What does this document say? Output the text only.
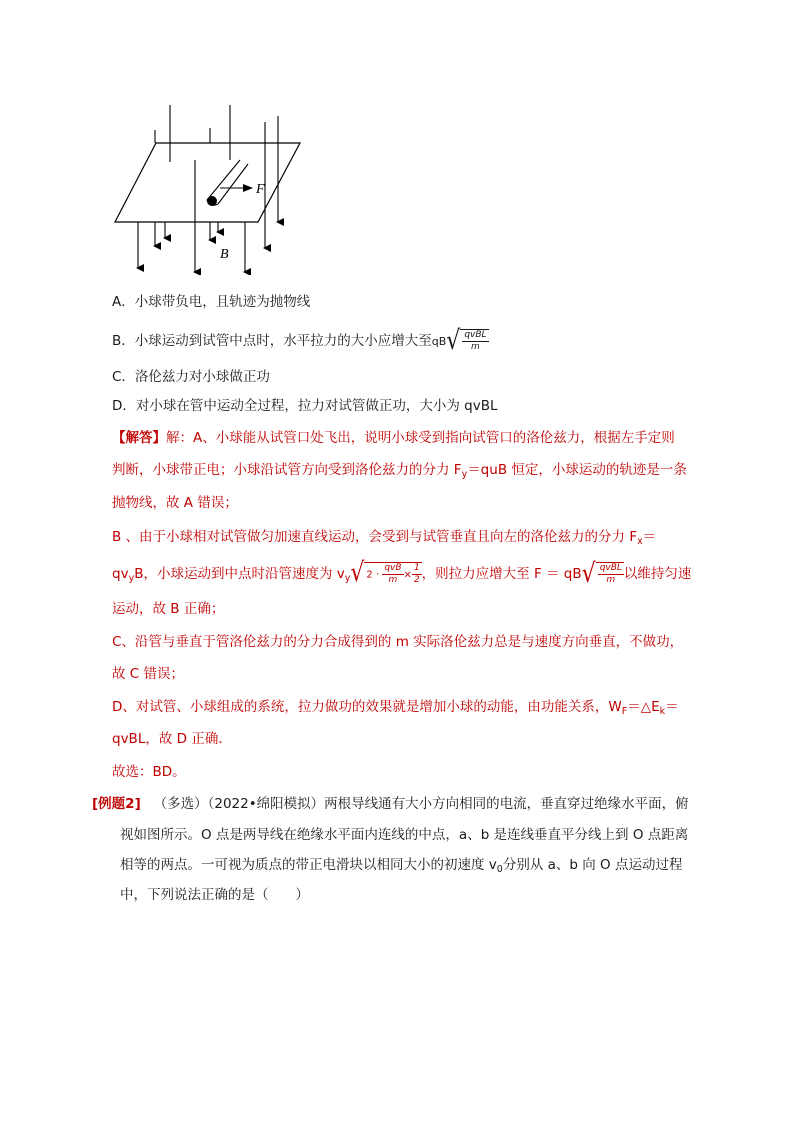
F
B
A．小球带负电，且轨迹为抛物线
B．小球运动到试管中点时，水平拉力的大小应增大至$qB√ \frac{\text{qvBL}}{m}$
C．洛伦兹力对小球做正功
D．对小球在管中运动全过程，拉力对试管做正功，大小为 qvBL
【解答】解：A、小球能从试管口处飞出，说明小球受到指向试管口的洛伦兹力，根据左手定则
判断，小球带正电；小球沿试管方向受到洛伦兹力的分力 $F_y=quB$ 恒定，小球运动的轨迹是一条
抛物线，故 A 错误；
B 、由于小球相对试管做匀加速直线运动，会受到与试管垂直且向左的洛伦兹力的分力 $F_x=$
$qv_yB$，小球运动到中点时沿管速度为 $v_y√$ $2 \cdot \frac{\text{qvB}}{m} \times \frac{1}{2}$ ，则拉力应增大至 $F = qB√ \frac{\text{qvBL}}{m}$ 以维持匀速
运动，故 B 正确；
C、沿管与垂直于管洛伦兹力的分力合成得到的 m 实际洛伦兹力总是与速度方向垂直，不做功，
故 C 错误；
D、对试管、小球组成的系统，拉力做功的效果就是增加小球的动能，由功能关系，$W_F=\triangle E_k=$
qvBL，故 D 正确．
故选：BD。
[例题2] （多选）（2022•绵阳模拟）两根导线通有大小方向相同的电流，垂直穿过绝缘水平面，俯
视如图所示。O 点是两导线在绝缘水平面内连线的中点，a、b 是连线垂直平分线上到 O 点距离
相等的两点。一可视为质点的带正电滑块以相同大小的初速度 $v_0$分别从 a、b 向 O 点运动过程
中，下列说法正确的是（　　）
